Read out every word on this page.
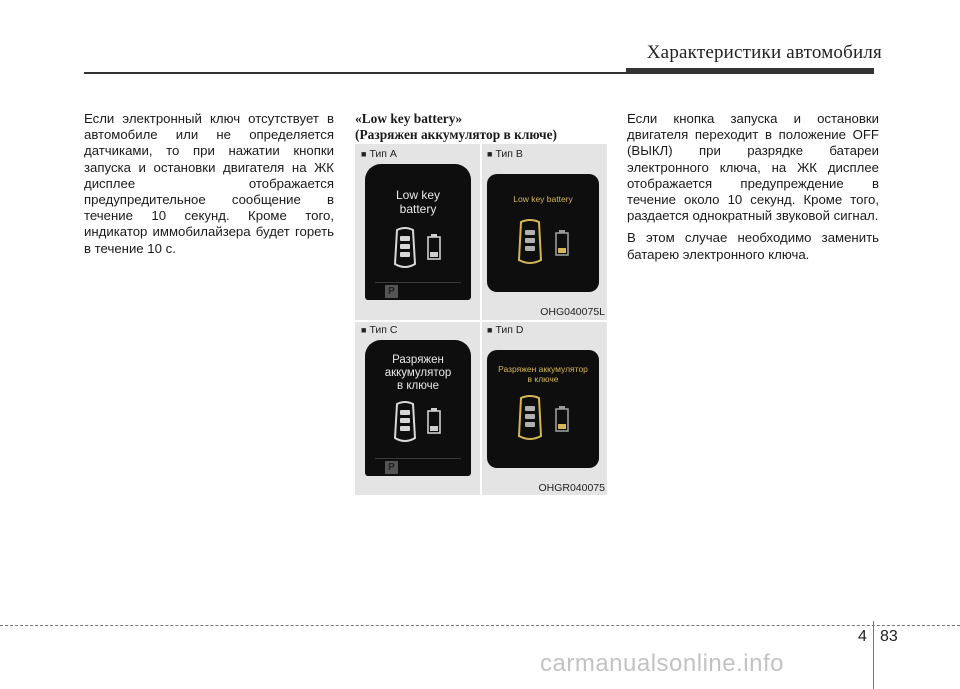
Характеристики автомобиля

Если электронный ключ отсутствует в автомобиле или не определяется датчиками, то при нажатии кнопки запуска и остановки двигателя на ЖК дисплее отображается предупредительное сообщение в течение 10 секунд. Кроме того, индикатор иммобилайзера будет гореть в течение 10 с.

«Low key battery»
(Разряжен аккумулятор в ключе)
■ Тип A	■ Тип B
■ Тип C	■ Тип D
Low key
battery
P
Low key battery
OHG040075L
Разряжен
аккумулятор
в ключе
P
Разряжен аккумулятор
в ключе
OHGR040075

Если кнопка запуска и остановки двигателя переходит в положение OFF (ВЫКЛ) при разрядке батареи электронного ключа, на ЖК дисплее отображается предупреждение в течение около 10 секунд. Кроме того, раздается однократный звуковой сигнал.

В этом случае необходимо заменить батарею электронного ключа.

4 83
carmanualsonline.info
